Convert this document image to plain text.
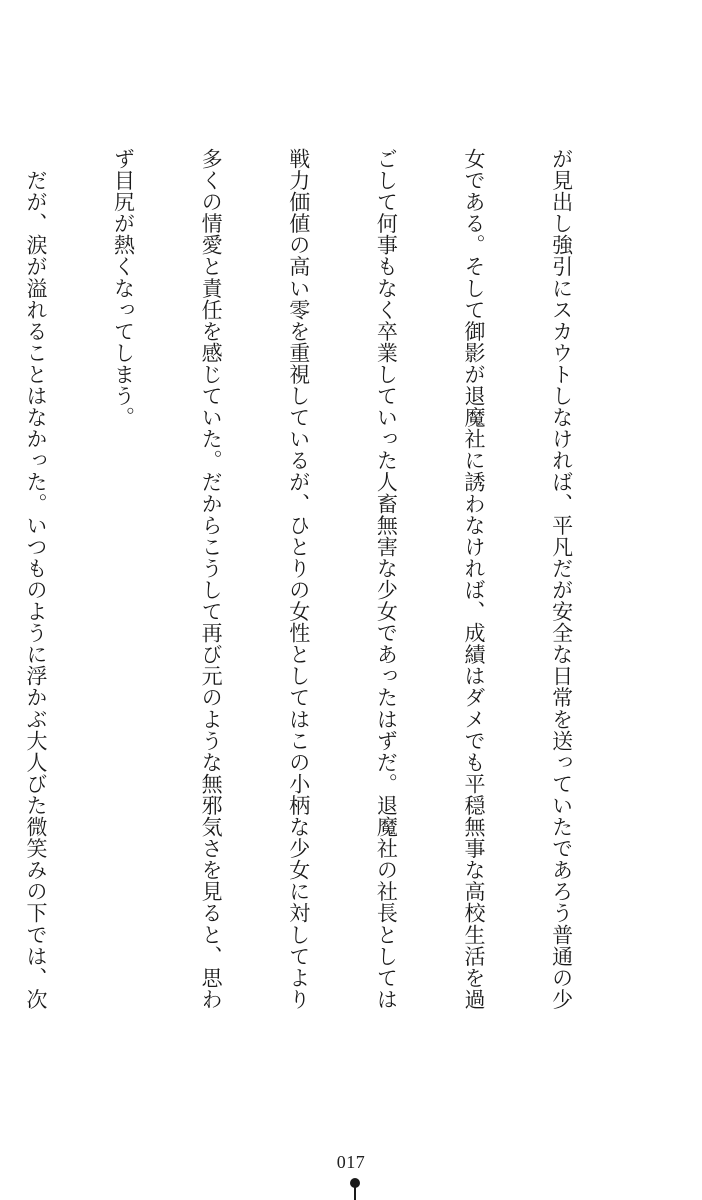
が見出し強引にスカウトしなければ、平凡だが安全な日常を送っていたであろう普通の少

女である。そして御影が退魔社に誘わなければ、成績はダメでも平穏無事な高校生活を過

ごして何事もなく卒業していった人畜無害な少女であったはずだ。退魔社の社長としては

戦力価値の高い零を重視しているが、ひとりの女性としてはこの小柄な少女に対してより

多くの情愛と責任を感じていた。だからこうして再び元のような無邪気さを見ると、思わ

ず目尻が熱くなってしまう。

　だが、涙が溢れることはなかった。いつものように浮かぶ大人びた微笑みの下では、次

017
